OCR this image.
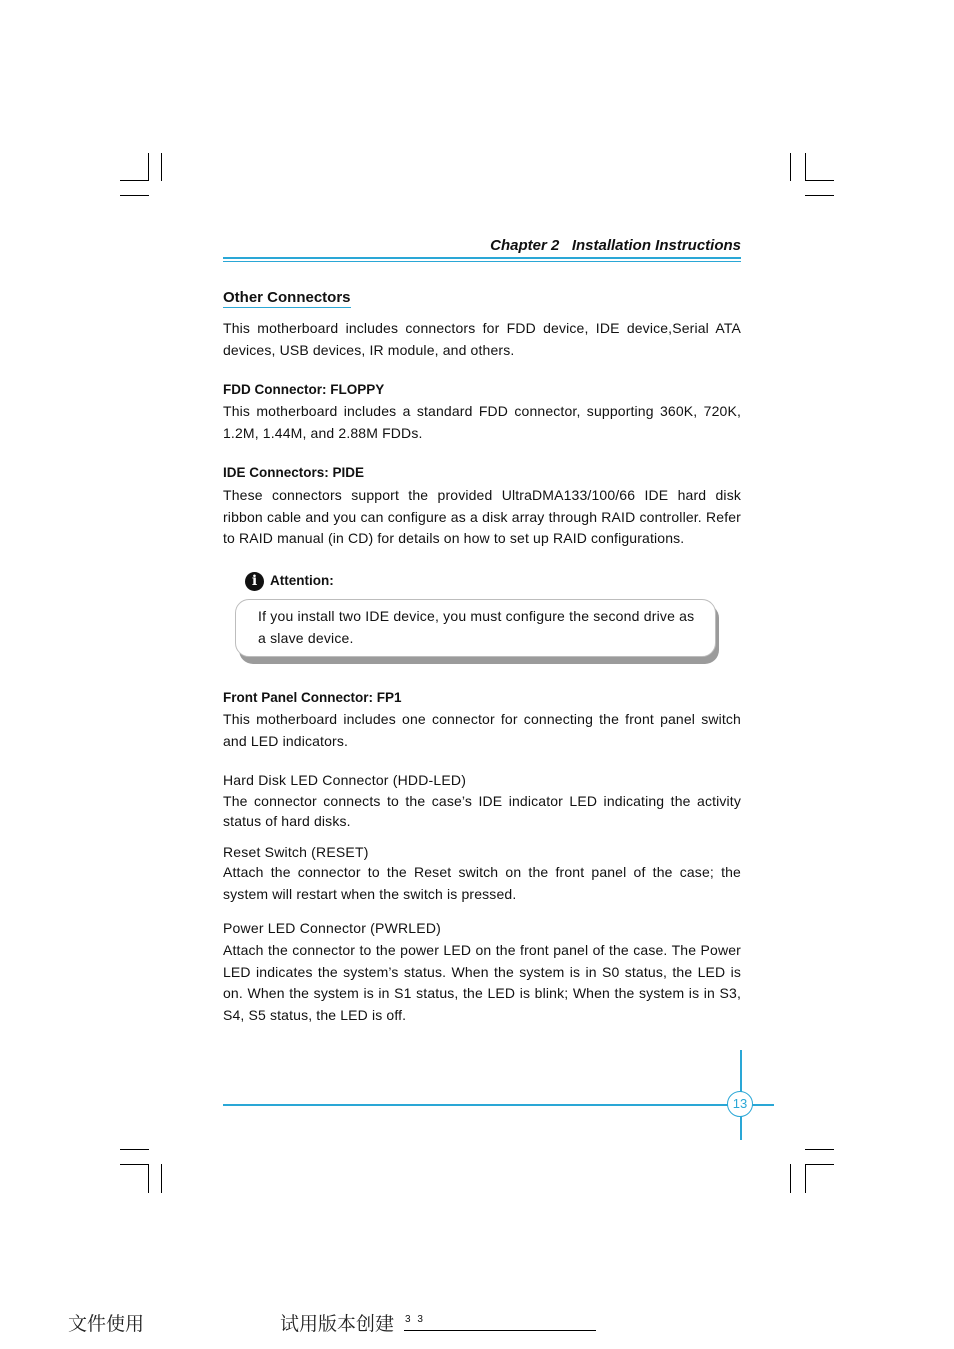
Chapter 2 Installation Instructions
Other Connectors
This motherboard includes connectors for FDD device, IDE device,Serial ATA devices, USB devices, IR module, and others.
FDD Connector: FLOPPY
This motherboard includes a standard FDD connector, supporting 360K, 720K, 1.2M, 1.44M, and 2.88M FDDs.
IDE Connectors: PIDE
These connectors support the provided UltraDMA133/100/66 IDE hard disk ribbon cable and you can configure as a disk array through RAID controller. Refer to RAID manual (in CD) for details on how to set up RAID configurations.
i Attention:
If you install two IDE device, you must configure the second drive as a slave device.
Front Panel Connector: FP1
This motherboard includes one connector for connecting the front panel switch and LED indicators.
Hard Disk LED Connector (HDD-LED)
The connector connects to the case’s IDE indicator LED indicating the activity status of hard disks.
Reset Switch (RESET)
Attach the connector to the Reset switch on the front panel of the case; the system will restart when the switch is pressed.
Power LED Connector (PWRLED)
Attach the connector to the power LED on the front panel of the case. The Power LED indicates the system’s status. When the system is in S0 status, the LED is on. When the system is in S1 status, the LED is blink; When the system is in S3, S4, S5 status, the LED is off.
13
文件使用	试用版本创建 3 3
